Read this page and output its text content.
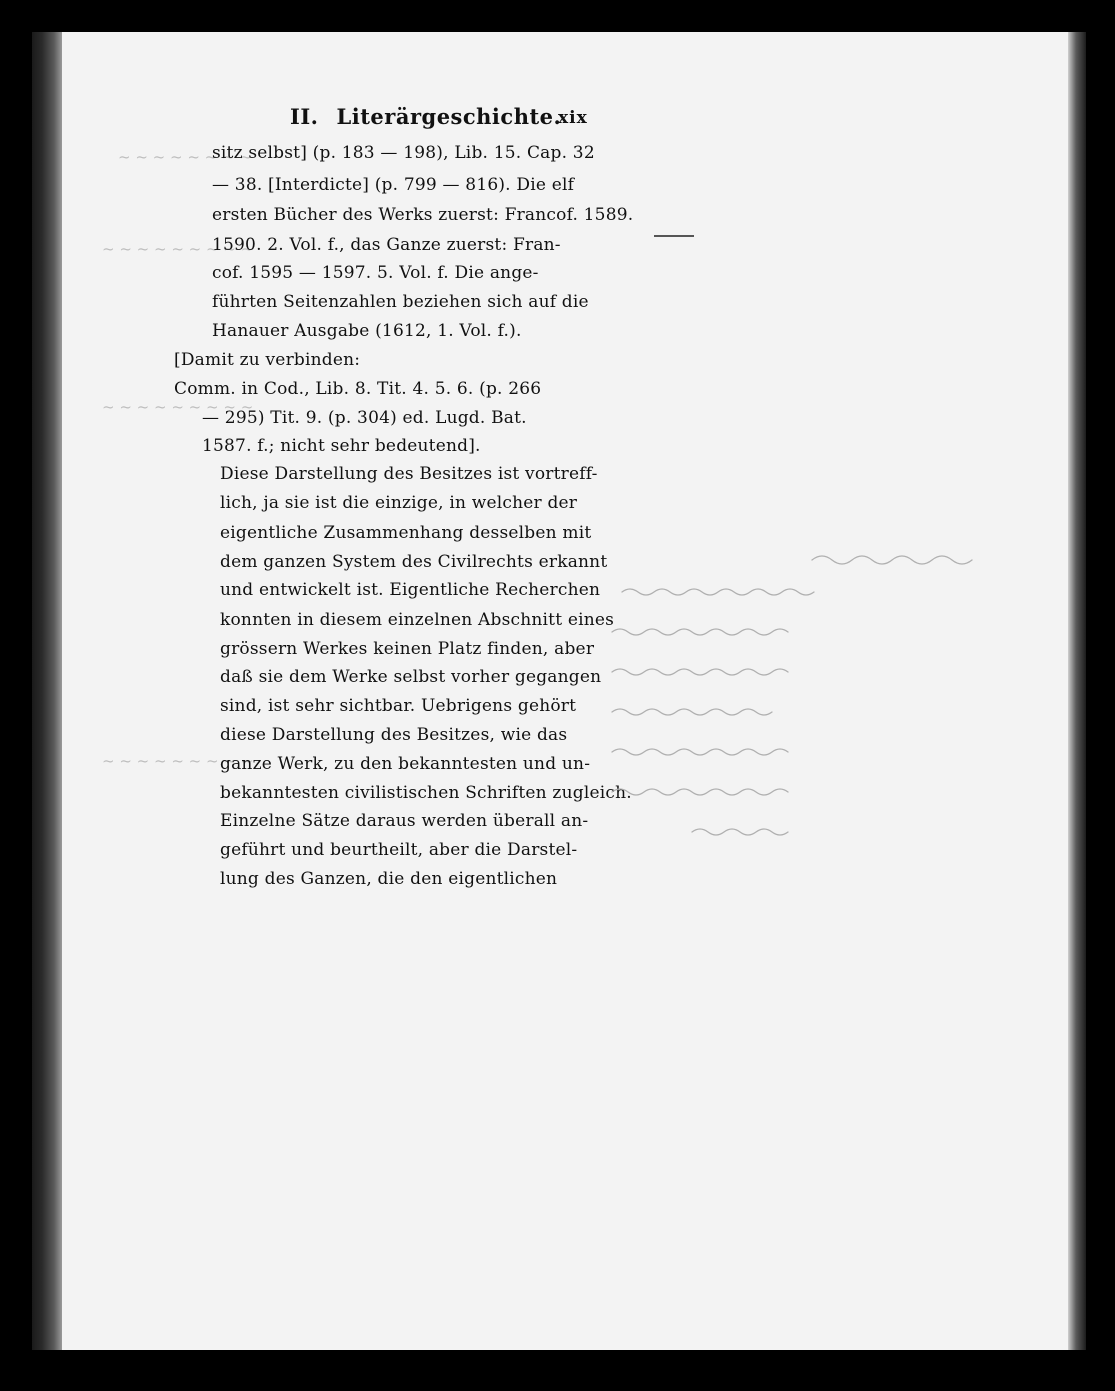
~ ~ ~ ~ ~ ~ ~ ~
~ ~ ~ ~ ~ ~ ~ ~ ~
~ ~ ~ ~ ~ ~ ~ ~ ~
~ ~ ~ ~ ~ ~ ~ ~ ~
II. Literärgeschichte.
xix
sitz selbst] (p. 183 — 198), Lib. 15. Cap. 32
— 38. [Interdicte] (p. 799 — 816). Die elf
ersten Bücher des Werks zuerst: Francof. 1589.
1590. 2. Vol. f., das Ganze zuerst: Fran-
cof. 1595 — 1597. 5. Vol. f. Die ange-
führten Seitenzahlen beziehen sich auf die
Hanauer Ausgabe (1612, 1. Vol. f.).
[Damit zu verbinden:
Comm. in Cod., Lib. 8. Tit. 4. 5. 6. (p. 266
— 295) Tit. 9. (p. 304) ed. Lugd. Bat.
1587. f.; nicht sehr bedeutend].
Diese Darstellung des Besitzes ist vortreff-
lich, ja sie ist die einzige, in welcher der
eigentliche Zusammenhang desselben mit
dem ganzen System des Civilrechts erkannt
und entwickelt ist. Eigentliche Recherchen
konnten in diesem einzelnen Abschnitt eines
grössern Werkes keinen Platz finden, aber
daß sie dem Werke selbst vorher gegangen
sind, ist sehr sichtbar. Uebrigens gehört
diese Darstellung des Besitzes, wie das
ganze Werk, zu den bekanntesten und un-
bekanntesten civilistischen Schriften zugleich.
Einzelne Sätze daraus werden überall an-
geführt und beurtheilt, aber die Darstel-
lung des Ganzen, die den eigentlichen
